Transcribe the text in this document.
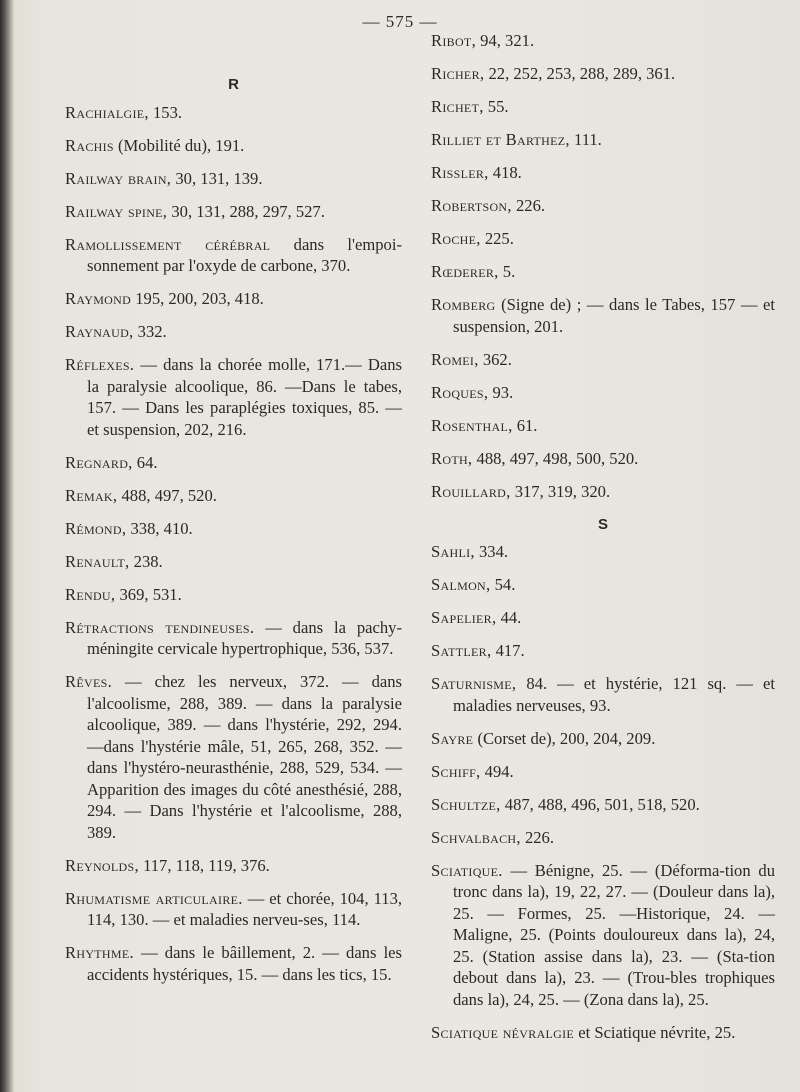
— 575 —
R
Rachialgie, 153.
Rachis (Mobilité du), 191.
Railway brain, 30, 131, 139.
Railway spine, 30, 131, 288, 297, 527.
Ramollissement cérébral dans l'empoi-sonnement par l'oxyde de carbone, 370.
Raymond 195, 200, 203, 418.
Raynaud, 332.
Réflexes. — dans la chorée molle, 171.— Dans la paralysie alcoolique, 86. —Dans le tabes, 157. — Dans les paraplégies toxiques, 85. — et suspension, 202, 216.
Regnard, 64.
Remak, 488, 497, 520.
Rémond, 338, 410.
Renault, 238.
Rendu, 369, 531.
Rétractions tendineuses. — dans la pachy-méningite cervicale hypertrophique, 536, 537.
Rêves. — chez les nerveux, 372. — dans l'alcoolisme, 288, 389. — dans la paralysie alcoolique, 389. — dans l'hystérie, 292, 294. —dans l'hystérie mâle, 51, 265, 268, 352. — dans l'hystéro-neurasthénie, 288, 529, 534. — Apparition des images du côté anesthésié, 288, 294. — Dans l'hystérie et l'alcoolisme, 288, 389.
Reynolds, 117, 118, 119, 376.
Rhumatisme articulaire. — et chorée, 104, 113, 114, 130. — et maladies nerveu-ses, 114.
Rhythme. — dans le bâillement, 2. — dans les accidents hystériques, 15. — dans les tics, 15.
Ribot, 94, 321.
Richer, 22, 252, 253, 288, 289, 361.
Richet, 55.
Rilliet et Barthez, 111.
Rissler, 418.
Robertson, 226.
Roche, 225.
Rœderer, 5.
Romberg (Signe de) ; — dans le Tabes, 157 — et suspension, 201.
Romei, 362.
Roques, 93.
Rosenthal, 61.
Roth, 488, 497, 498, 500, 520.
Rouillard, 317, 319, 320.
S
Sahli, 334.
Salmon, 54.
Sapelier, 44.
Sattler, 417.
Saturnisme, 84. — et hystérie, 121 sq. — et maladies nerveuses, 93.
Sayre (Corset de), 200, 204, 209.
Schiff, 494.
Schultze, 487, 488, 496, 501, 518, 520.
Schvalbach, 226.
Sciatique. — Bénigne, 25. — (Déforma-tion du tronc dans la), 19, 22, 27. — (Douleur dans la), 25. — Formes, 25. —Historique, 24. — Maligne, 25. (Points douloureux dans la), 24, 25. (Station assise dans la), 23. — (Sta-tion debout dans la), 23. — (Trou-bles trophiques dans la), 24, 25. — (Zona dans la), 25.
Sciatique névralgie et Sciatique névrite, 25.
